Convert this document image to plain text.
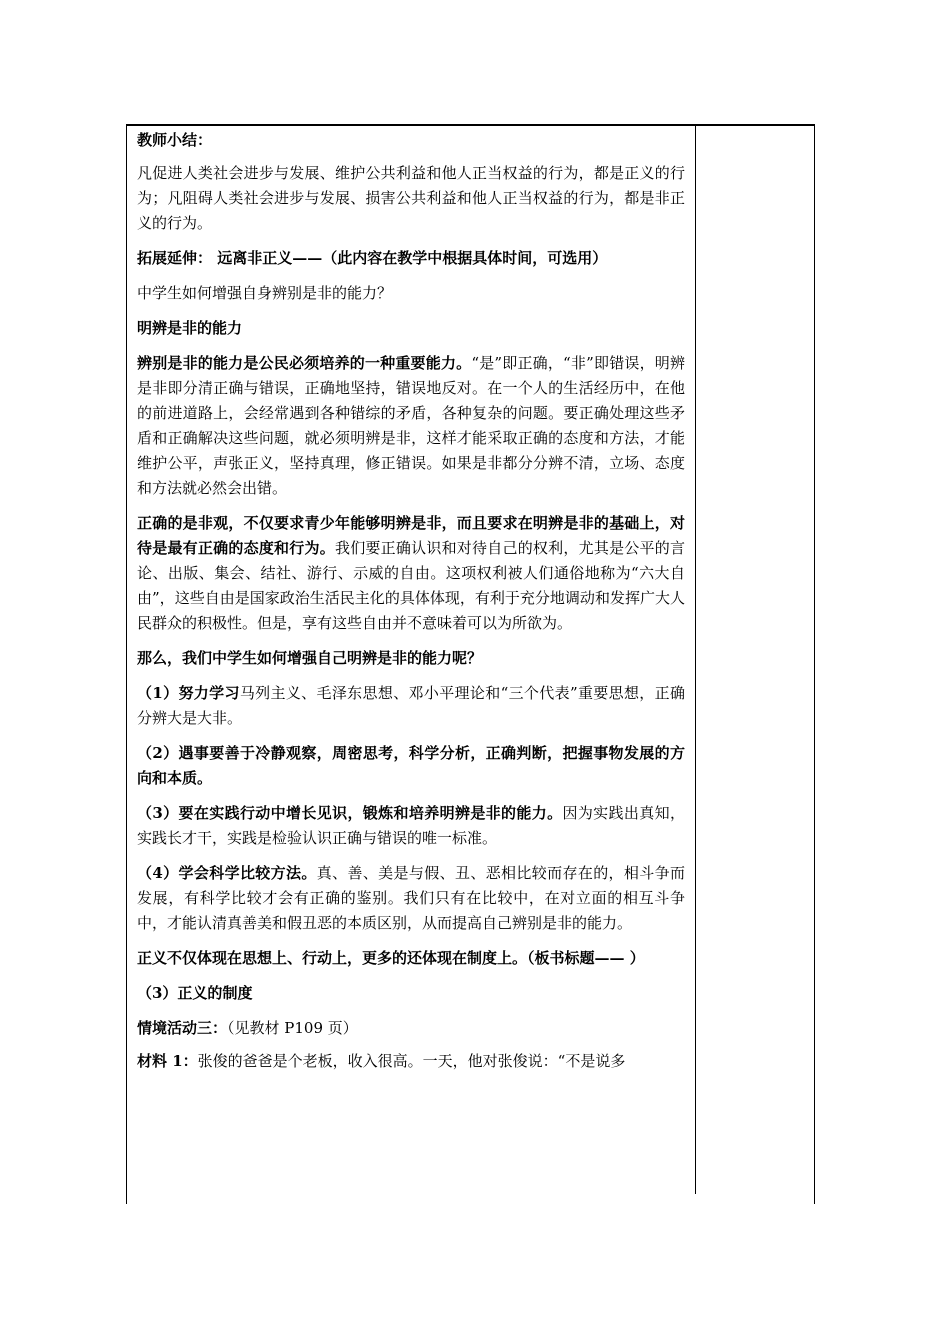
教师小结：

凡促进人类社会进步与发展、维护公共利益和他人正当权益的行为，都是正义的行为；凡阻碍人类社会进步与发展、损害公共利益和他人正当权益的行为，都是非正义的行为。

拓展延伸： 远离非正义——（此内容在教学中根据具体时间，可选用）

中学生如何增强自身辨别是非的能力？

明辨是非的能力

辨别是非的能力是公民必须培养的一种重要能力。“是”即正确，“非”即错误，明辨是非即分清正确与错误，正确地坚持，错误地反对。在一个人的生活经历中，在他的前进道路上，会经常遇到各种错综的矛盾，各种复杂的问题。要正确处理这些矛盾和正确解决这些问题，就必须明辨是非，这样才能采取正确的态度和方法，才能维护公平，声张正义，坚持真理，修正错误。如果是非都分分辨不清，立场、态度和方法就必然会出错。

正确的是非观，不仅要求青少年能够明辨是非，而且要求在明辨是非的基础上，对待是最有正确的态度和行为。我们要正确认识和对待自己的权利，尤其是公平的言论、出版、集会、结社、游行、示威的自由。这项权利被人们通俗地称为“六大自由”，这些自由是国家政治生活民主化的具体体现，有利于充分地调动和发挥广大人民群众的积极性。但是，享有这些自由并不意味着可以为所欲为。

那么，我们中学生如何增强自己明辨是非的能力呢？

（1）努力学习马列主义、毛泽东思想、邓小平理论和“三个代表”重要思想，正确分辨大是大非。

（2）遇事要善于冷静观察，周密思考，科学分析，正确判断，把握事物发展的方向和本质。

（3）要在实践行动中增长见识，锻炼和培养明辨是非的能力。因为实践出真知，实践长才干，实践是检验认识正确与错误的唯一标准。

（4）学会科学比较方法。真、善、美是与假、丑、恶相比较而存在的，相斗争而发展，有科学比较才会有正确的鉴别。我们只有在比较中，在对立面的相互斗争中，才能认清真善美和假丑恶的本质区别，从而提高自己辨别是非的能力。

正义不仅体现在思想上、行动上，更多的还体现在制度上。（板书标题—— ）

（3）正义的制度

情境活动三：（见教材 P109 页）

材料 1：张俊的爸爸是个老板，收入很高。一天，他对张俊说：“不是说多
